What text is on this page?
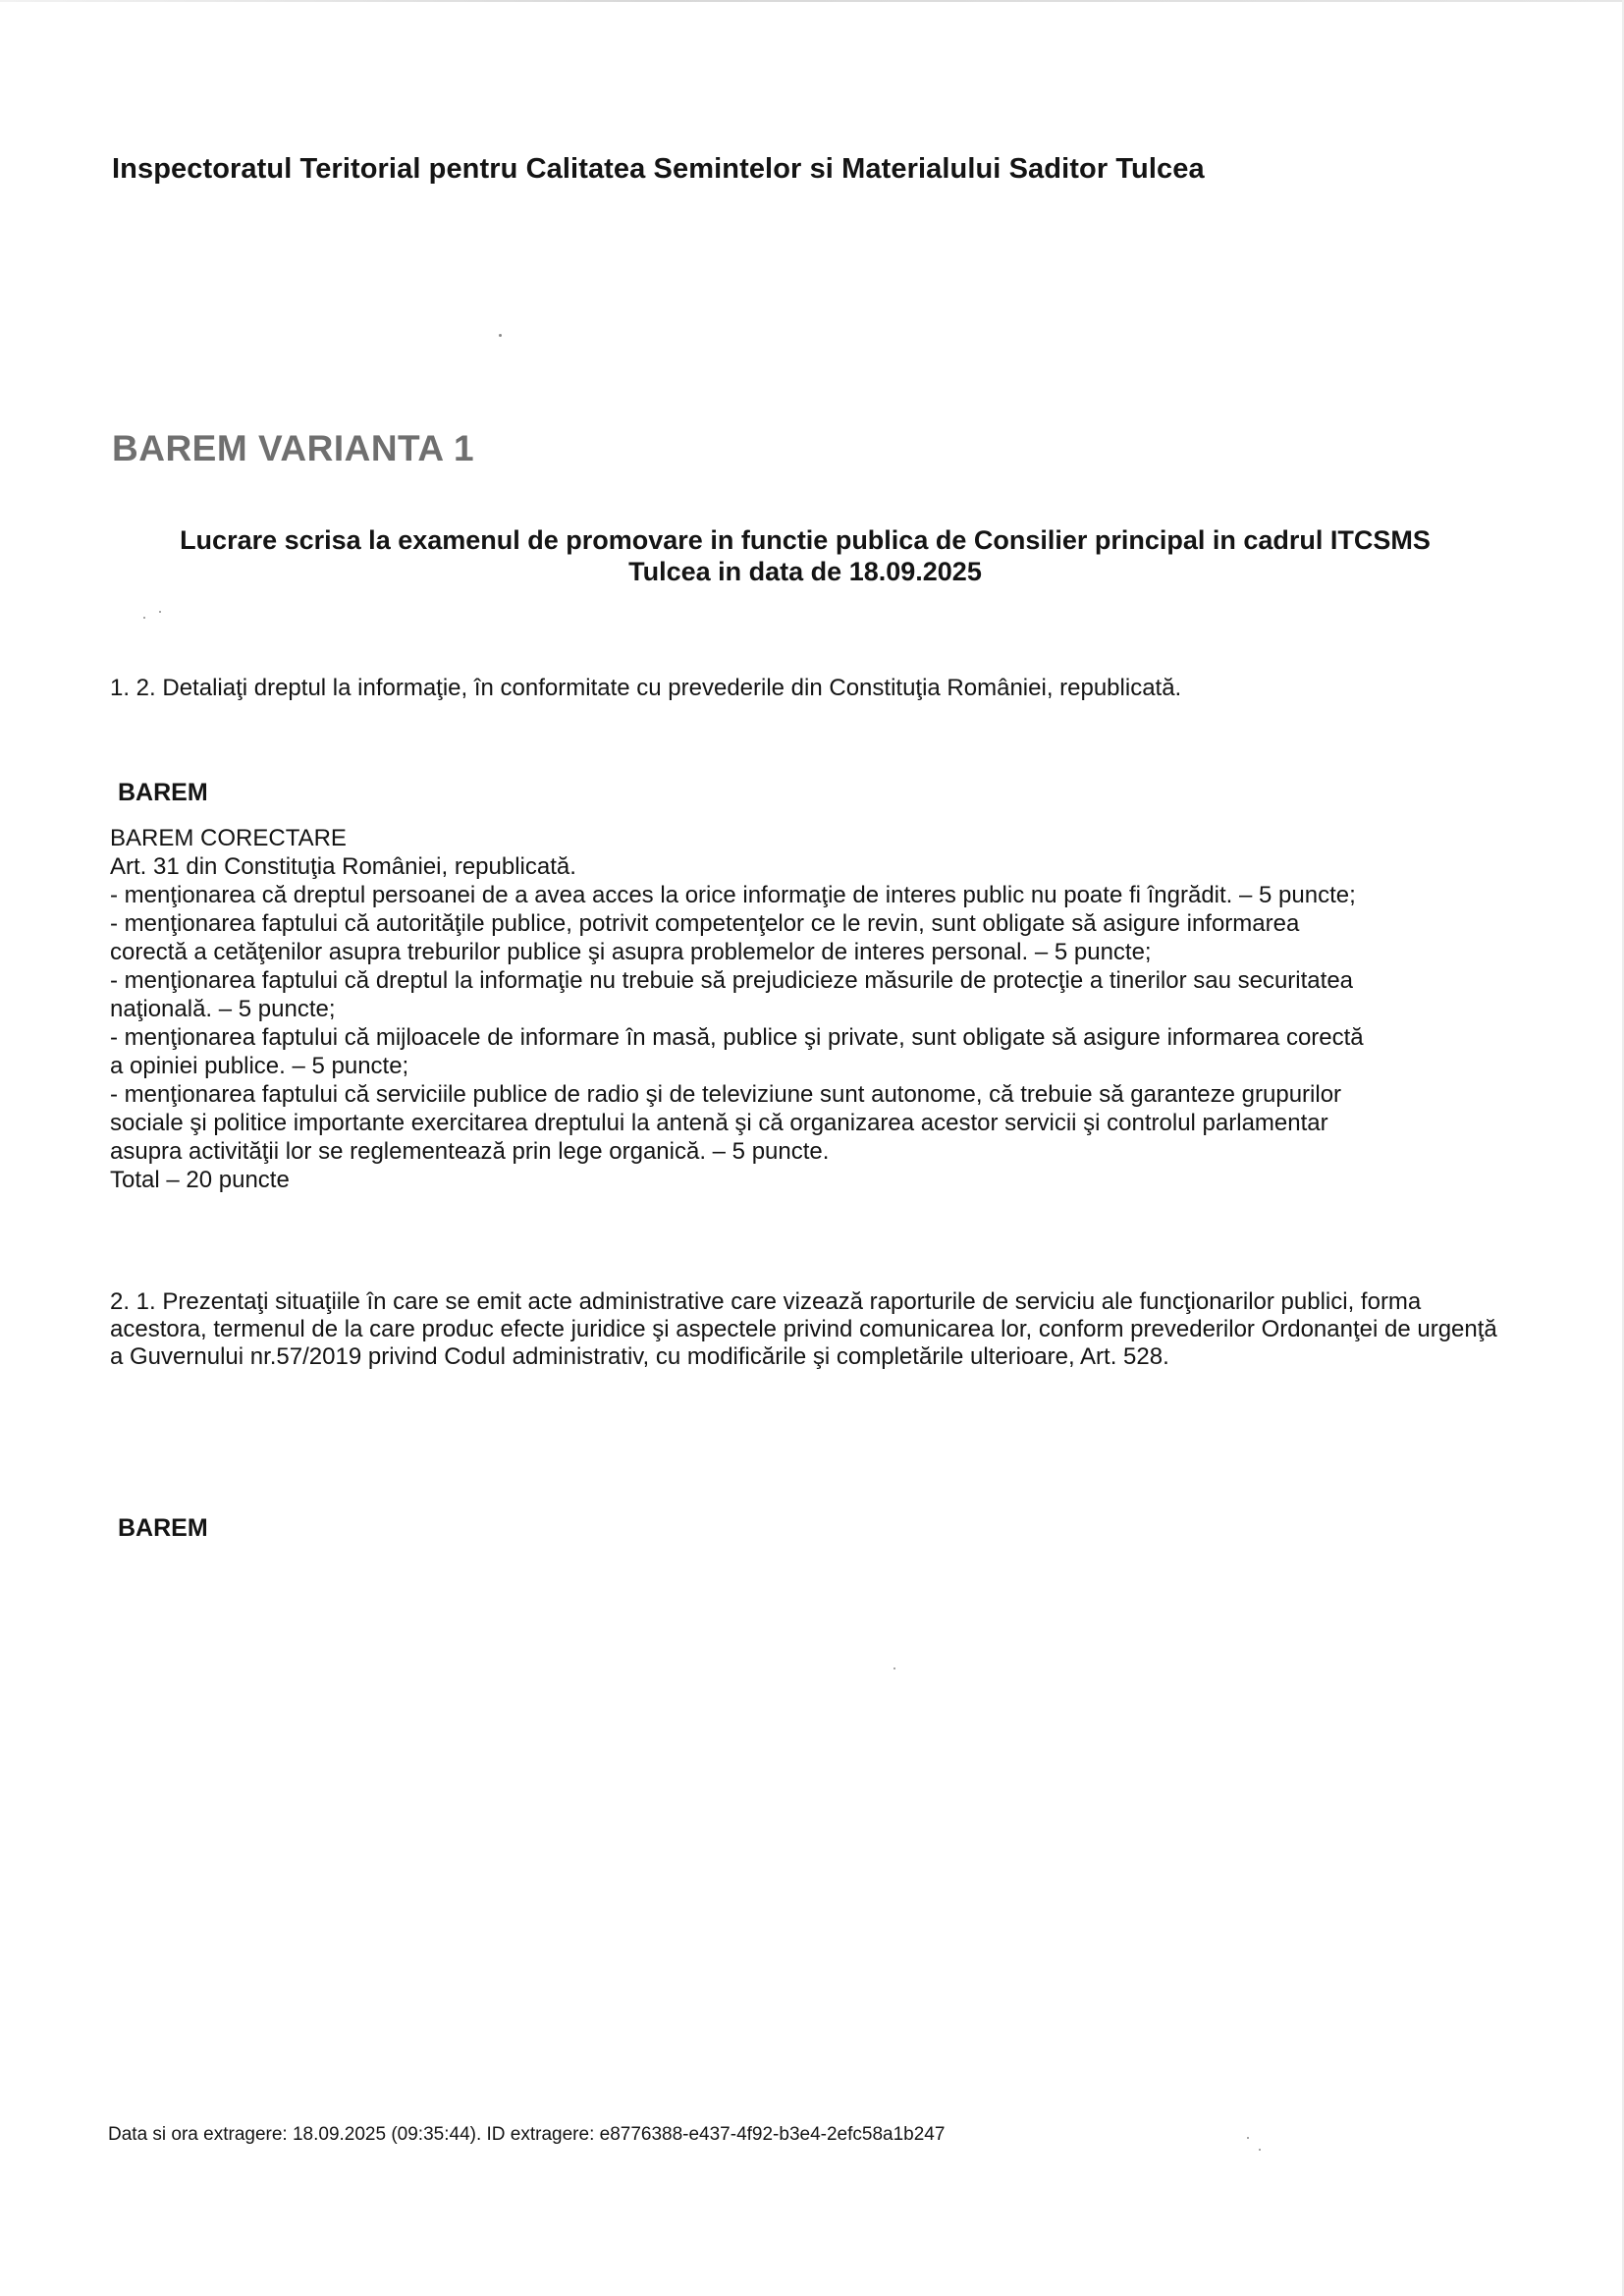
Inspectoratul Teritorial pentru Calitatea Semintelor si Materialului Saditor Tulcea
BAREM VARIANTA 1
Lucrare scrisa la examenul de promovare in functie publica de Consilier principal in cadrul ITCSMS
Tulcea in data de 18.09.2025
1. 2. Detaliaţi dreptul la informaţie, în conformitate cu prevederile din Constituţia României, republicată.
BAREM
BAREM CORECTARE
Art. 31 din Constituţia României, republicată.
- menţionarea că dreptul persoanei de a avea acces la orice informaţie de interes public nu poate fi îngrădit. – 5 puncte;
- menţionarea faptului că autorităţile publice, potrivit competenţelor ce le revin, sunt obligate să asigure informarea
corectă a cetăţenilor asupra treburilor publice şi asupra problemelor de interes personal. – 5 puncte;
- menţionarea faptului că dreptul la informaţie nu trebuie să prejudicieze măsurile de protecţie a tinerilor sau securitatea
naţională. – 5 puncte;
- menţionarea faptului că mijloacele de informare în masă, publice şi private, sunt obligate să asigure informarea corectă
a opiniei publice. – 5 puncte;
- menţionarea faptului că serviciile publice de radio şi de televiziune sunt autonome, că trebuie să garanteze grupurilor
sociale şi politice importante exercitarea dreptului la antenă şi că organizarea acestor servicii şi controlul parlamentar
asupra activităţii lor se reglementează prin lege organică. – 5 puncte.
Total – 20 puncte
2. 1. Prezentaţi situaţiile în care se emit acte administrative care vizează raporturile de serviciu ale funcţionarilor publici, forma acestora, termenul de la care produc efecte juridice şi aspectele privind comunicarea lor, conform prevederilor Ordonanţei de urgenţă a Guvernului nr.57/2019 privind Codul administrativ, cu modificările şi completările ulterioare, Art. 528.
BAREM
Data si ora extragere: 18.09.2025 (09:35:44). ID extragere: e8776388-e437-4f92-b3e4-2efc58a1b247
